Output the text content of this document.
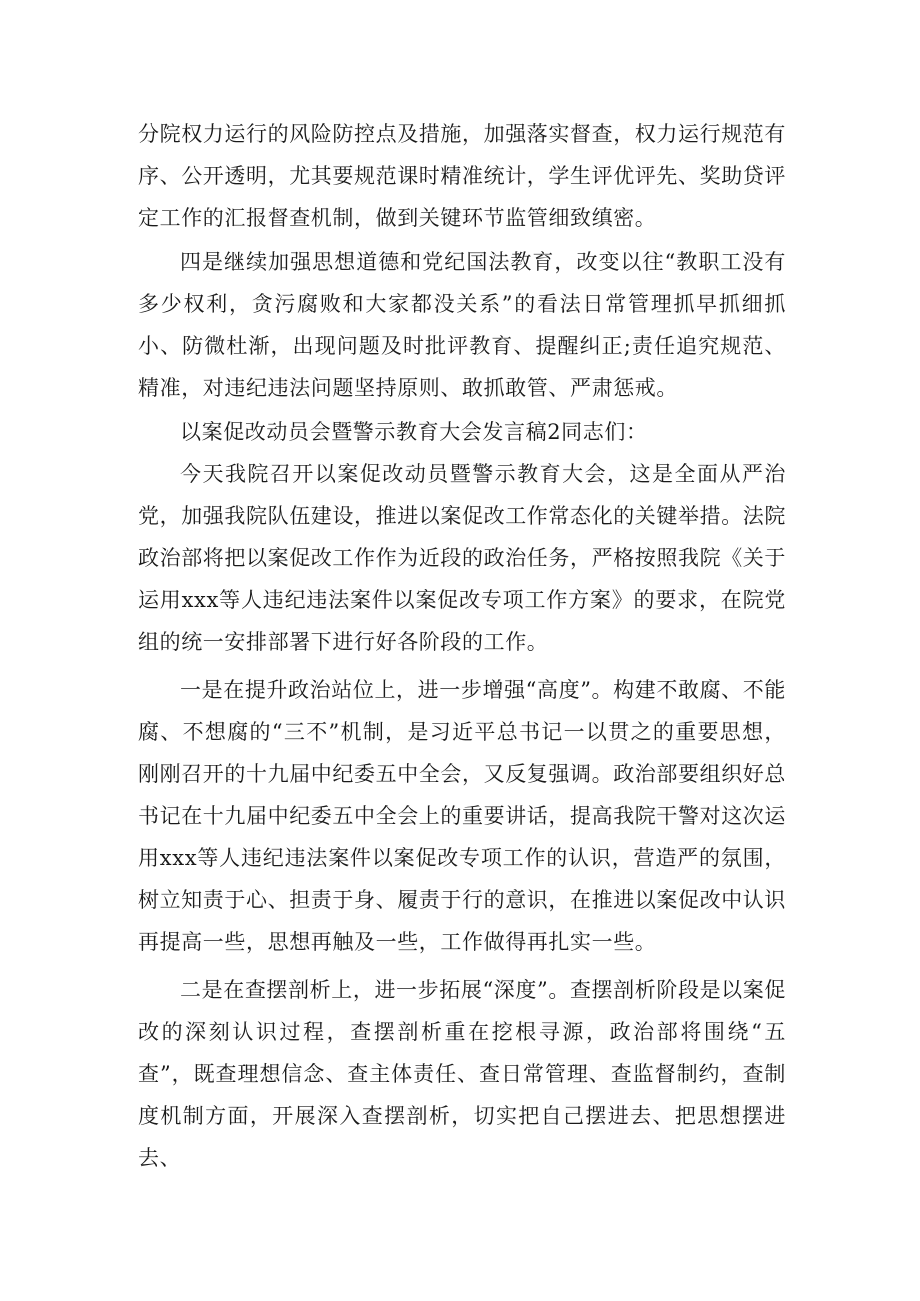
分院权力运行的风险防控点及措施，加强落实督查，权力运行规范有序、公开透明，尤其要规范课时精准统计，学生评优评先、奖助贷评定工作的汇报督查机制，做到关键环节监管细致缜密。

四是继续加强思想道德和党纪国法教育，改变以往“教职工没有多少权利，贪污腐败和大家都没关系”的看法日常管理抓早抓细抓小、防微杜渐，出现问题及时批评教育、提醒纠正;责任追究规范、精准，对违纪违法问题坚持原则、敢抓敢管、严肃惩戒。

以案促改动员会暨警示教育大会发言稿2同志们：

今天我院召开以案促改动员暨警示教育大会，这是全面从严治党，加强我院队伍建设，推进以案促改工作常态化的关键举措。法院政治部将把以案促改工作作为近段的政治任务，严格按照我院《关于运用xxx等人违纪违法案件以案促改专项工作方案》的要求，在院党组的统一安排部署下进行好各阶段的工作。

一是在提升政治站位上，进一步增强“高度”。构建不敢腐、不能腐、不想腐的“三不”机制，是习近平总书记一以贯之的重要思想，刚刚召开的十九届中纪委五中全会，又反复强调。政治部要组织好总书记在十九届中纪委五中全会上的重要讲话，提高我院干警对这次运用xxx等人违纪违法案件以案促改专项工作的认识，营造严的氛围，树立知责于心、担责于身、履责于行的意识，在推进以案促改中认识再提高一些，思想再触及一些，工作做得再扎实一些。

二是在查摆剖析上，进一步拓展“深度”。查摆剖析阶段是以案促改的深刻认识过程，查摆剖析重在挖根寻源，政治部将围绕“五查”，既查理想信念、查主体责任、查日常管理、查监督制约，查制度机制方面，开展深入查摆剖析，切实把自己摆进去、把思想摆进去、
